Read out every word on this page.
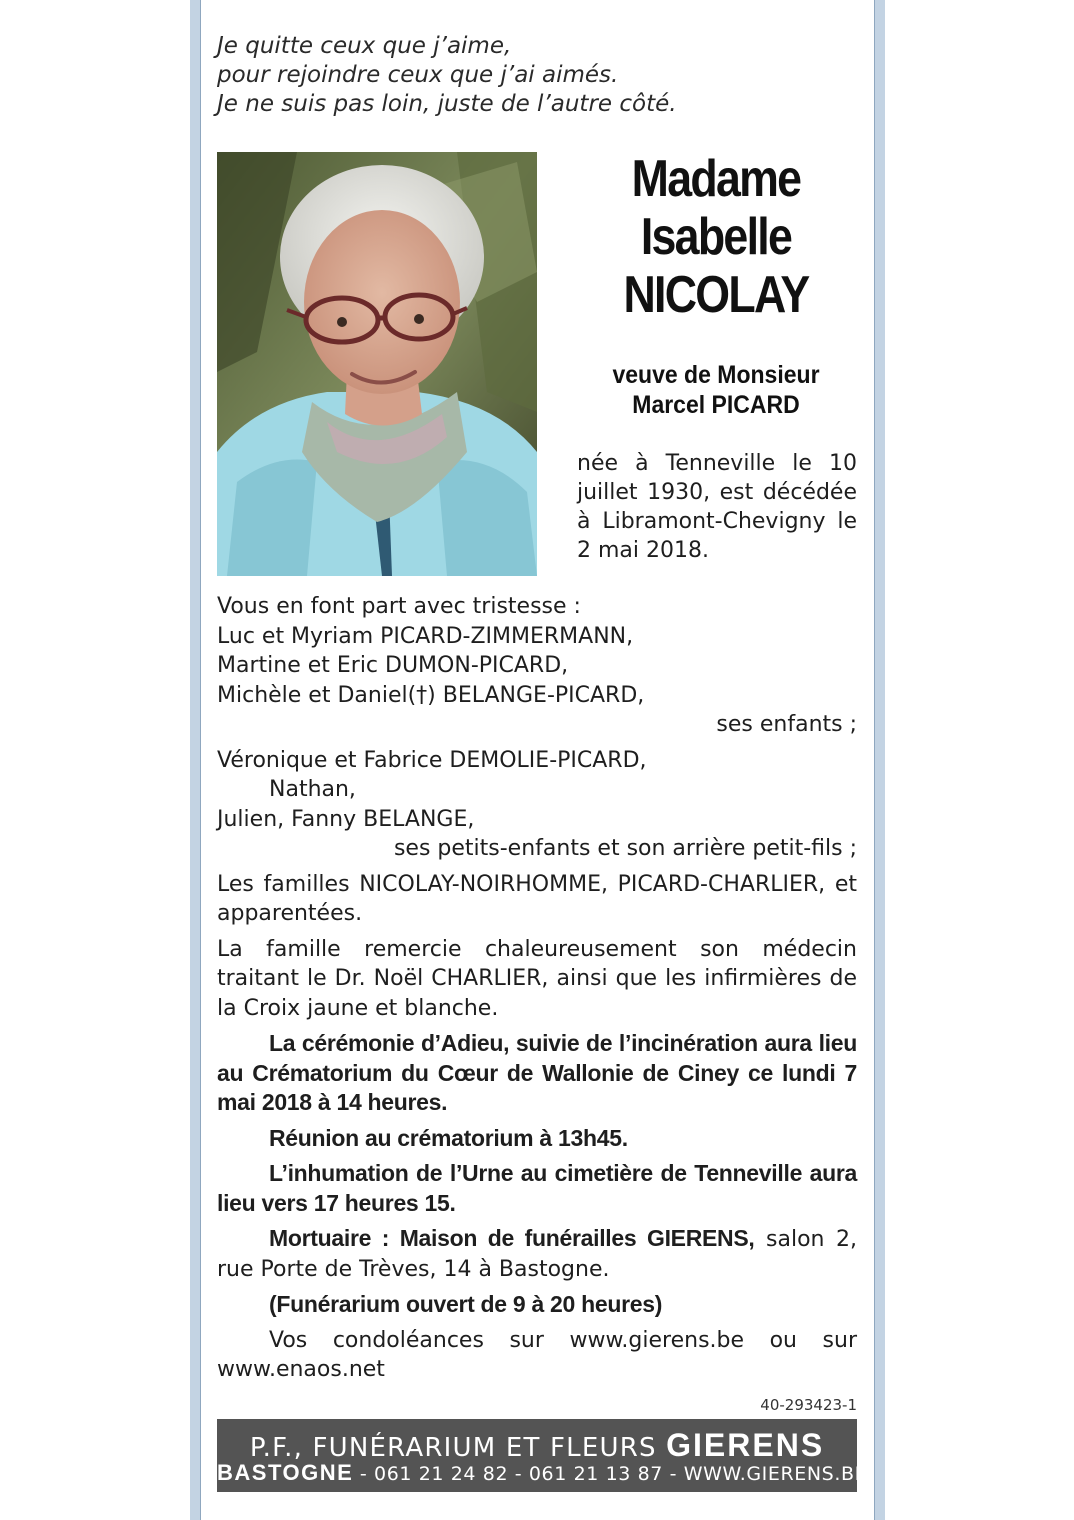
Je quitte ceux que j’aime,
pour rejoindre ceux que j’ai aimés.
Je ne suis pas loin, juste de l’autre côté.
Madame
Isabelle
NICOLAY
veuve de Monsieur
Marcel PICARD
née à Tenneville le 10 juillet 1930, est décédée à Libramont-Chevigny le 2 mai 2018.
Vous en font part avec tristesse :
Luc et Myriam PICARD-ZIMMERMANN,
Martine et Eric DUMON-PICARD,
Michèle et Daniel(†) BELANGE-PICARD,
ses enfants ;
Véronique et Fabrice DEMOLIE-PICARD,
Nathan,
Julien, Fanny BELANGE,
ses petits-enfants et son arrière petit-fils ;
Les familles NICOLAY-NOIRHOMME, PICARD-CHARLIER, et apparentées.
La famille remercie chaleureusement son médecin traitant le Dr. Noël CHARLIER, ainsi que les infirmières de la Croix jaune et blanche.
La cérémonie d’Adieu, suivie de l’incinération aura lieu au Crématorium du Cœur de Wallonie de Ciney ce lundi 7 mai 2018 à 14 heures.
Réunion au crématorium à 13h45.
L’inhumation de l’Urne au cimetière de Tenneville aura lieu vers 17 heures 15.
Mortuaire : Maison de funérailles GIERENS, salon 2, rue Porte de Trèves, 14 à Bastogne.
(Funérarium ouvert de 9 à 20 heures)
Vos condoléances sur www.gierens.be ou sur www.enaos.net
40-293423-1
P.F., FUNÉRARIUM ET FLEURS GIERENS
BASTOGNE - 061 21 24 82 - 061 21 13 87 - WWW.GIERENS.BE
